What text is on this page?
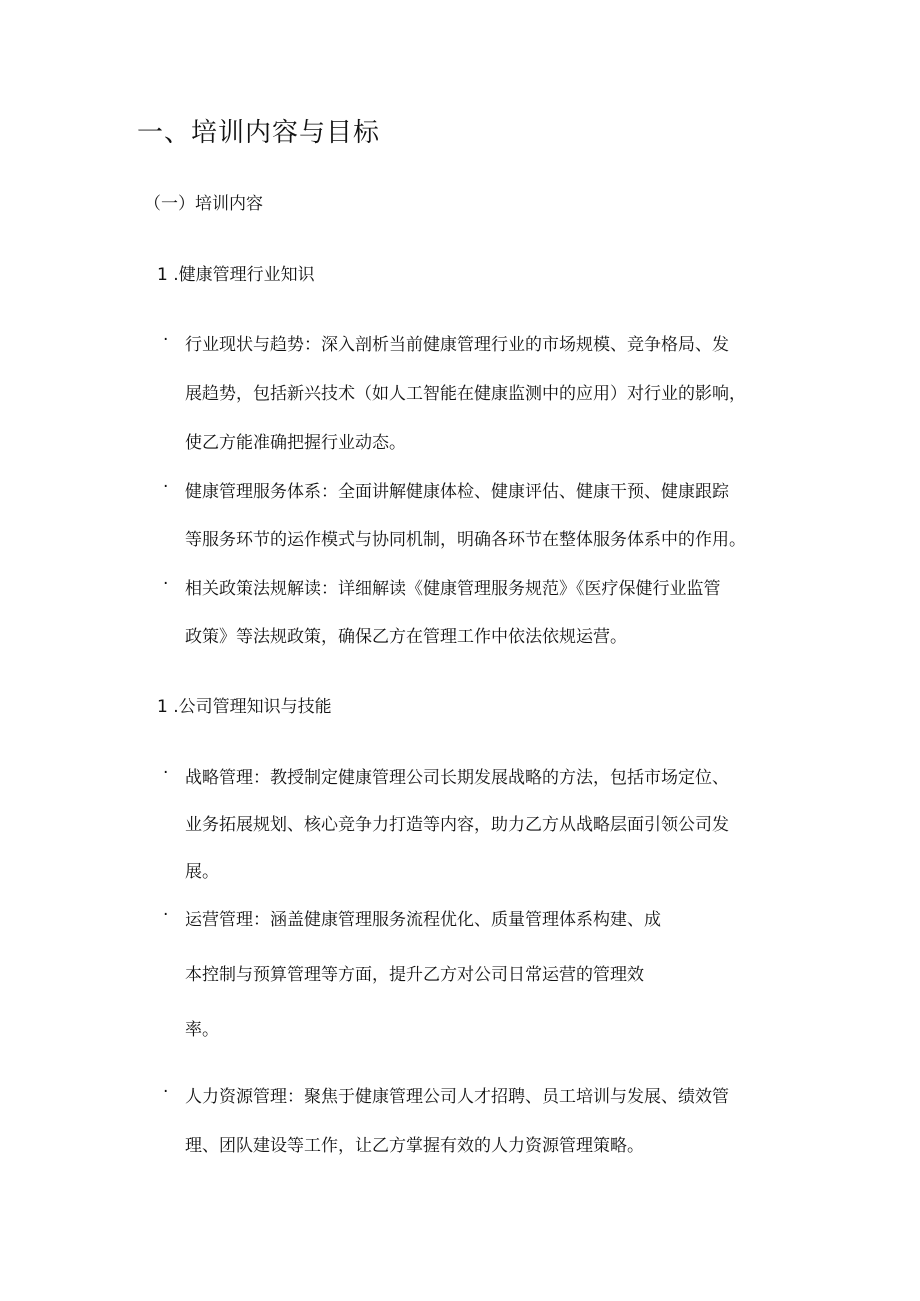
一、培训内容与目标
（一）培训内容
1 .健康管理行业知识
· 行业现状与趋势：深入剖析当前健康管理行业的市场规模、竞争格局、发

展趋势，包括新兴技术（如人工智能在健康监测中的应用）对行业的影响，

使乙方能准确把握行业动态。

· 健康管理服务体系：全面讲解健康体检、健康评估、健康干预、健康跟踪

等服务环节的运作模式与协同机制，明确各环节在整体服务体系中的作用。

· 相关政策法规解读：详细解读《健康管理服务规范》《医疗保健行业监管

政策》等法规政策，确保乙方在管理工作中依法依规运营。

1 .公司管理知识与技能
· 战略管理：教授制定健康管理公司长期发展战略的方法，包括市场定位、

业务拓展规划、核心竞争力打造等内容，助力乙方从战略层面引领公司发

展。

· 运营管理：涵盖健康管理服务流程优化、质量管理体系构建、成

本控制与预算管理等方面，提升乙方对公司日常运营的管理效

率。

· 人力资源管理：聚焦于健康管理公司人才招聘、员工培训与发展、绩效管

理、团队建设等工作，让乙方掌握有效的人力资源管理策略。
